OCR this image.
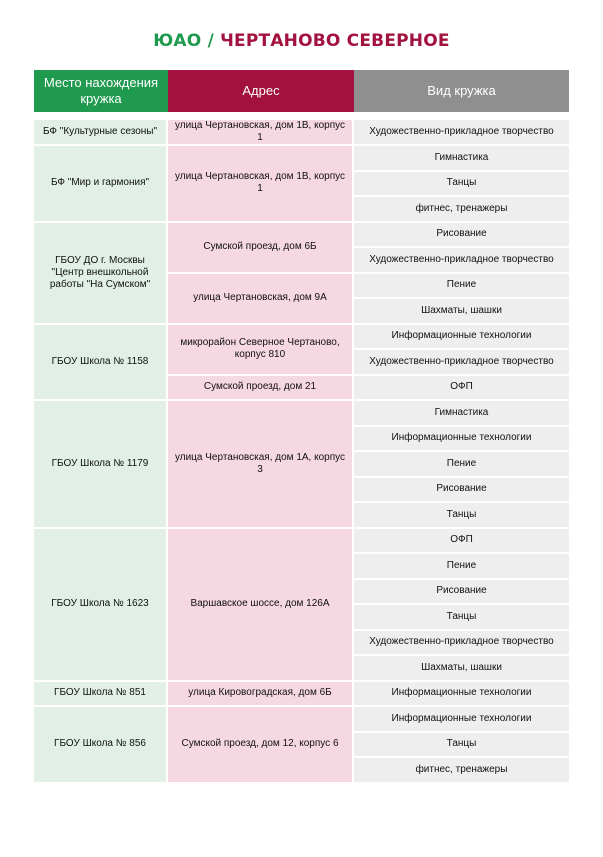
ЮАО / ЧЕРТАНОВО СЕВЕРНОЕ
Место нахождения кружка	Адрес	Вид кружка

БФ "Культурные сезоны"	улица Чертановская, дом 1В, корпус 1	Художественно-прикладное творчество
БФ "Мир и гармония"	улица Чертановская, дом 1В, корпус 1	Гимнастика
		Танцы
		фитнес, тренажеры
ГБОУ ДО г. Москвы "Центр внешкольной работы "На Сумском"	Сумской проезд, дом 6Б	Рисование
		Художественно-прикладное творчество
	улица Чертановская, дом 9А	Пение
		Шахматы, шашки
ГБОУ Школа № 1158	микрорайон Северное Чертаново, корпус 810	Информационные технологии
		Художественно-прикладное творчество
	Сумской проезд, дом 21	ОФП
ГБОУ Школа № 1179	улица Чертановская, дом 1А, корпус 3	Гимнастика
		Информационные технологии
		Пение
		Рисование
		Танцы
ГБОУ Школа № 1623	Варшавское шоссе, дом 126А	ОФП
		Пение
		Рисование
		Танцы
		Художественно-прикладное творчество
		Шахматы, шашки
ГБОУ Школа № 851	улица Кировоградская, дом 6Б	Информационные технологии
ГБОУ Школа № 856	Сумской проезд, дом 12, корпус 6	Информационные технологии
		Танцы
		фитнес, тренажеры
